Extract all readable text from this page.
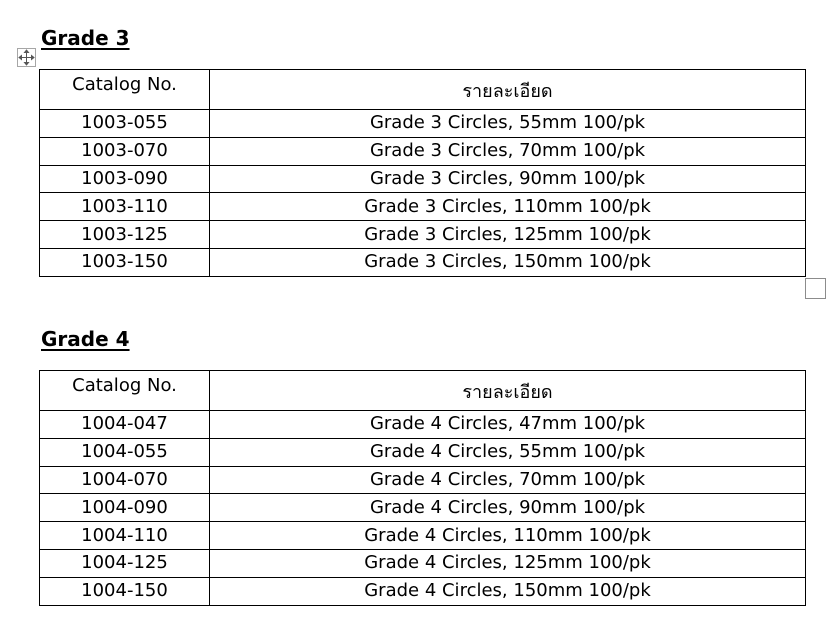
Grade 3
Catalog No.	รายละเอียด
1003-055	Grade 3 Circles, 55mm 100/pk
1003-070	Grade 3 Circles, 70mm 100/pk
1003-090	Grade 3 Circles, 90mm 100/pk
1003-110	Grade 3 Circles, 110mm 100/pk
1003-125	Grade 3 Circles, 125mm 100/pk
1003-150	Grade 3 Circles, 150mm 100/pk
Grade 4
Catalog No.	รายละเอียด
1004-047	Grade 4 Circles, 47mm 100/pk
1004-055	Grade 4 Circles, 55mm 100/pk
1004-070	Grade 4 Circles, 70mm 100/pk
1004-090	Grade 4 Circles, 90mm 100/pk
1004-110	Grade 4 Circles, 110mm 100/pk
1004-125	Grade 4 Circles, 125mm 100/pk
1004-150	Grade 4 Circles, 150mm 100/pk
